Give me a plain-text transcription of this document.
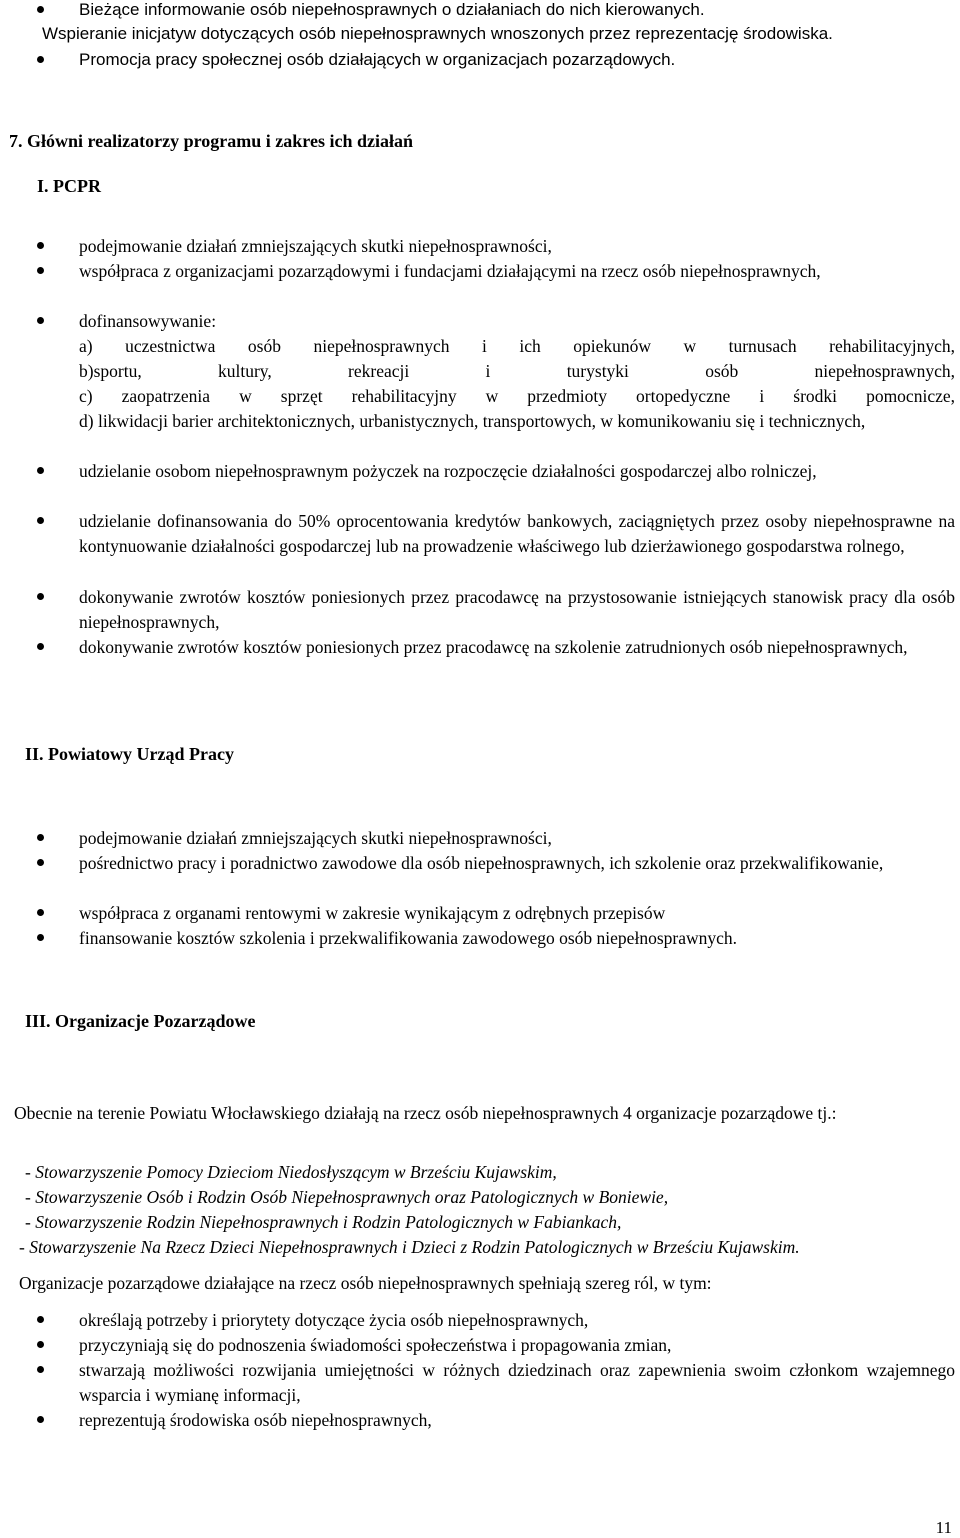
Bieżące informowanie osób niepełnosprawnych o działaniach do nich kierowanych.
Wspieranie inicjatyw dotyczących osób niepełnosprawnych wnoszonych przez reprezentację środowiska.
Promocja pracy społecznej osób działających w organizacjach pozarządowych.
7. Główni realizatorzy programu i zakres ich działań
I. PCPR
podejmowanie działań zmniejszających skutki niepełnosprawności,
współpraca z organizacjami pozarządowymi i fundacjami działającymi na rzecz osób niepełnosprawnych,
dofinansowywanie:
a) uczestnictwa osób niepełnosprawnych i ich opiekunów w turnusach rehabilitacyjnych,
b)sportu, kultury, rekreacji i turystyki osób niepełnosprawnych,
c) zaopatrzenia w sprzęt rehabilitacyjny w przedmioty ortopedyczne i środki pomocnicze,
d) likwidacji barier architektonicznych, urbanistycznych, transportowych, w komunikowaniu się i technicznych,
udzielanie osobom niepełnosprawnym pożyczek na rozpoczęcie działalności gospodarczej albo rolniczej,
udzielanie dofinansowania do 50% oprocentowania kredytów bankowych, zaciągniętych przez osoby niepełnosprawne na kontynuowanie działalności gospodarczej lub na prowadzenie właściwego lub dzierżawionego gospodarstwa rolnego,
dokonywanie zwrotów kosztów poniesionych przez pracodawcę na przystosowanie istniejących stanowisk pracy dla osób niepełnosprawnych,
dokonywanie zwrotów kosztów poniesionych przez pracodawcę na szkolenie zatrudnionych osób niepełnosprawnych,
II. Powiatowy Urząd Pracy
podejmowanie działań zmniejszających skutki niepełnosprawności,
pośrednictwo pracy i poradnictwo zawodowe dla osób niepełnosprawnych, ich szkolenie oraz przekwalifikowanie,
współpraca z organami rentowymi w zakresie wynikającym z odrębnych przepisów
finansowanie kosztów szkolenia i przekwalifikowania zawodowego osób niepełnosprawnych.
III. Organizacje Pozarządowe
Obecnie na terenie Powiatu Włocławskiego działają na rzecz osób niepełnosprawnych 4 organizacje pozarządowe tj.:
- Stowarzyszenie Pomocy Dzieciom Niedosłyszącym w Brześciu Kujawskim,
- Stowarzyszenie Osób i Rodzin Osób Niepełnosprawnych oraz Patologicznych w Boniewie,
- Stowarzyszenie Rodzin Niepełnosprawnych i Rodzin Patologicznych w Fabiankach,
- Stowarzyszenie Na Rzecz Dzieci Niepełnosprawnych i Dzieci z Rodzin Patologicznych w Brześciu Kujawskim.
Organizacje pozarządowe działające na rzecz osób niepełnosprawnych spełniają szereg ról, w tym:
określają potrzeby i priorytety dotyczące życia osób niepełnosprawnych,
przyczyniają się do podnoszenia świadomości społeczeństwa i propagowania zmian,
stwarzają możliwości rozwijania umiejętności w różnych dziedzinach oraz zapewnienia swoim członkom wzajemnego wsparcia i wymianę informacji,
reprezentują środowiska osób niepełnosprawnych,
11
